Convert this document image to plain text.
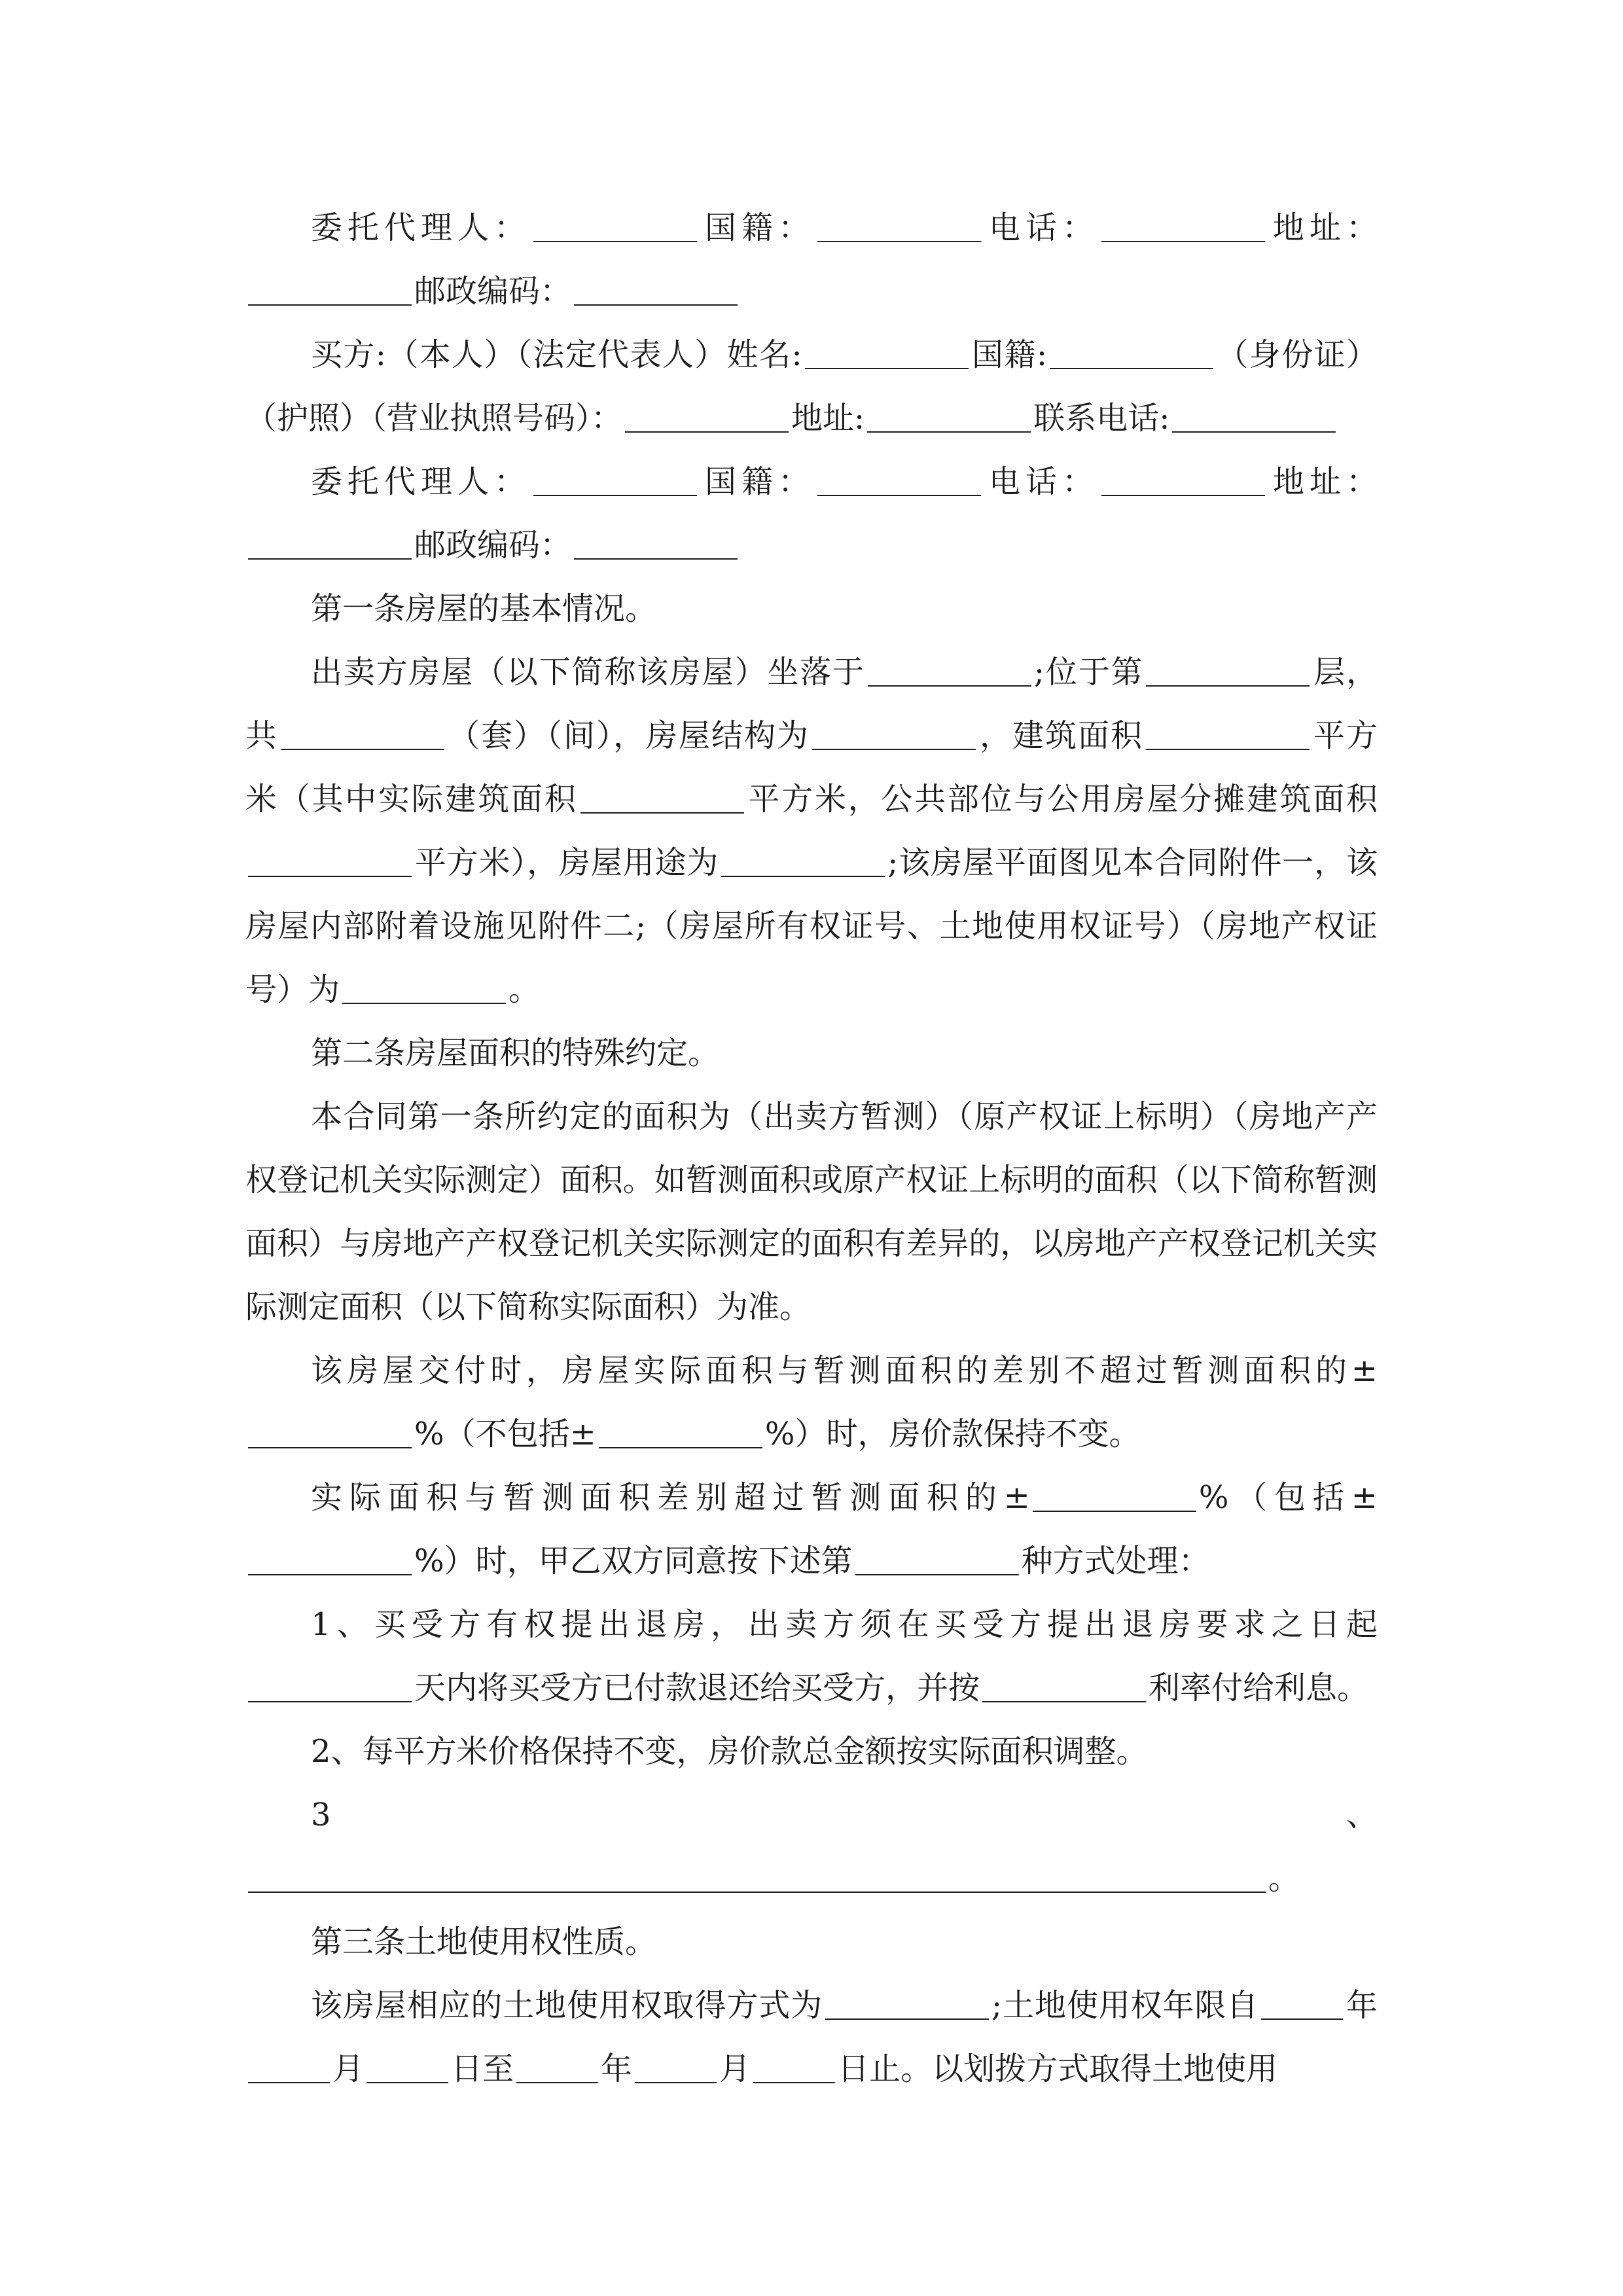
委托代理人：	国籍：	电话：	地址：邮政编码：

买方:（本人）（法定代表人）姓名:	国籍:	（身份证）（护照）（营业执照号码）：	地址:	联系电话:

委托代理人：	国籍：	电话：	地址：邮政编码：

第一条房屋的基本情况。

出卖方房屋（以下简称该房屋）坐落于	;位于第	层，共	（套）（间），房屋结构为	，建筑面积	平方米（其中实际建筑面积	平方米，公共部位与公用房屋分摊建筑面积平方米），房屋用途为	;该房屋平面图见本合同附件一，该房屋内部附着设施见附件二;（房屋所有权证号、土地使用权证号）（房地产权证号）为	。

第二条房屋面积的特殊约定。

本合同第一条所约定的面积为（出卖方暂测）（原产权证上标明）（房地产产权登记机关实际测定）面积。如暂测面积或原产权证上标明的面积（以下简称暂测面积）与房地产产权登记机关实际测定的面积有差异的，以房地产产权登记机关实际测定面积（以下简称实际面积）为准。

该房屋交付时，房屋实际面积与暂测面积的差别不超过暂测面积的±%（不包括±	%）时，房价款保持不变。

实际面积与暂测面积差别超过暂测面积的±	%（包括±%）时，甲乙双方同意按下述第	种方式处理：

1、买受方有权提出退房，出卖方须在买受方提出退房要求之日起天内将买受方已付款退还给买受方，并按	利率付给利息。

2、每平方米价格保持不变，房价款总金额按实际面积调整。

3、。

第三条土地使用权性质。

该房屋相应的土地使用权取得方式为	;土地使用权年限自	年月	日至	年	月	日止。以划拨方式取得土地使用
